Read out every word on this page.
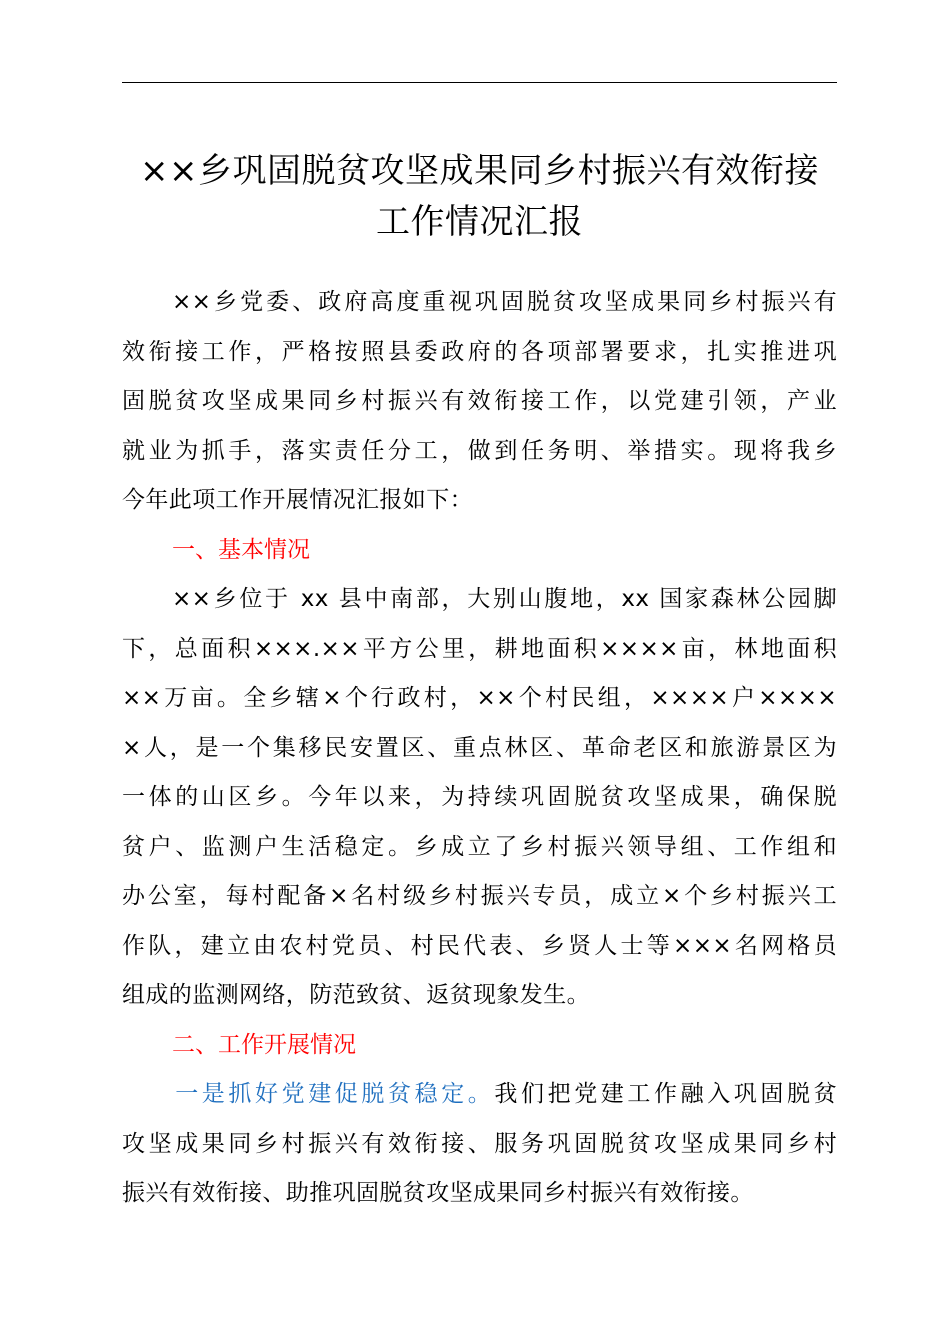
××乡巩固脱贫攻坚成果同乡村振兴有效衔接
工作情况汇报

××乡党委、政府高度重视巩固脱贫攻坚成果同乡村振兴有
效衔接工作，严格按照县委政府的各项部署要求，扎实推进巩
固脱贫攻坚成果同乡村振兴有效衔接工作，以党建引领，产业
就业为抓手，落实责任分工，做到任务明、举措实。现将我乡
今年此项工作开展情况汇报如下：

一、基本情况

××乡位于 xx 县中南部，大别山腹地，xx 国家森林公园脚
下，总面积×××.××平方公里，耕地面积××××亩，林地面积
××万亩。全乡辖×个行政村，××个村民组，××××户××××
×人，是一个集移民安置区、重点林区、革命老区和旅游景区为
一体的山区乡。今年以来，为持续巩固脱贫攻坚成果，确保脱
贫户、监测户生活稳定。乡成立了乡村振兴领导组、工作组和
办公室，每村配备×名村级乡村振兴专员，成立×个乡村振兴工
作队，建立由农村党员、村民代表、乡贤人士等×××名网格员
组成的监测网络，防范致贫、返贫现象发生。

二、工作开展情况

一是抓好党建促脱贫稳定。我们把党建工作融入巩固脱贫
攻坚成果同乡村振兴有效衔接、服务巩固脱贫攻坚成果同乡村
振兴有效衔接、助推巩固脱贫攻坚成果同乡村振兴有效衔接。
